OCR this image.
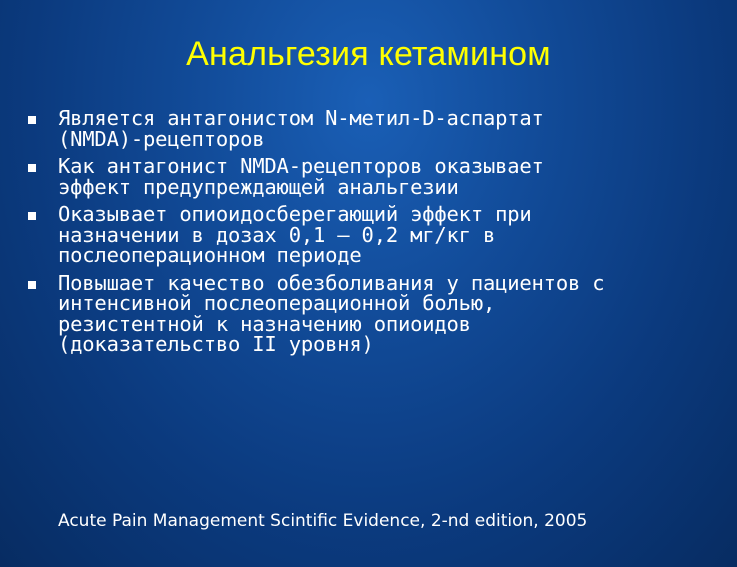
Анальгезия кетамином
Является антагонистом N-метил-D-аспартат
(NMDA)-рецепторов
Как антагонист NMDA-рецепторов оказывает
эффект предупреждающей анальгезии
Оказывает опиоидосберегающий эффект при
назначении в дозах 0,1 – 0,2 мг/кг в
послеоперационном периоде
Повышает качество обезболивания у пациентов с
интенсивной послеоперационной болью,
резистентной к назначению опиоидов
(доказательство II уровня)
Acute Pain Management Scintific Evidence, 2-nd edition, 2005
